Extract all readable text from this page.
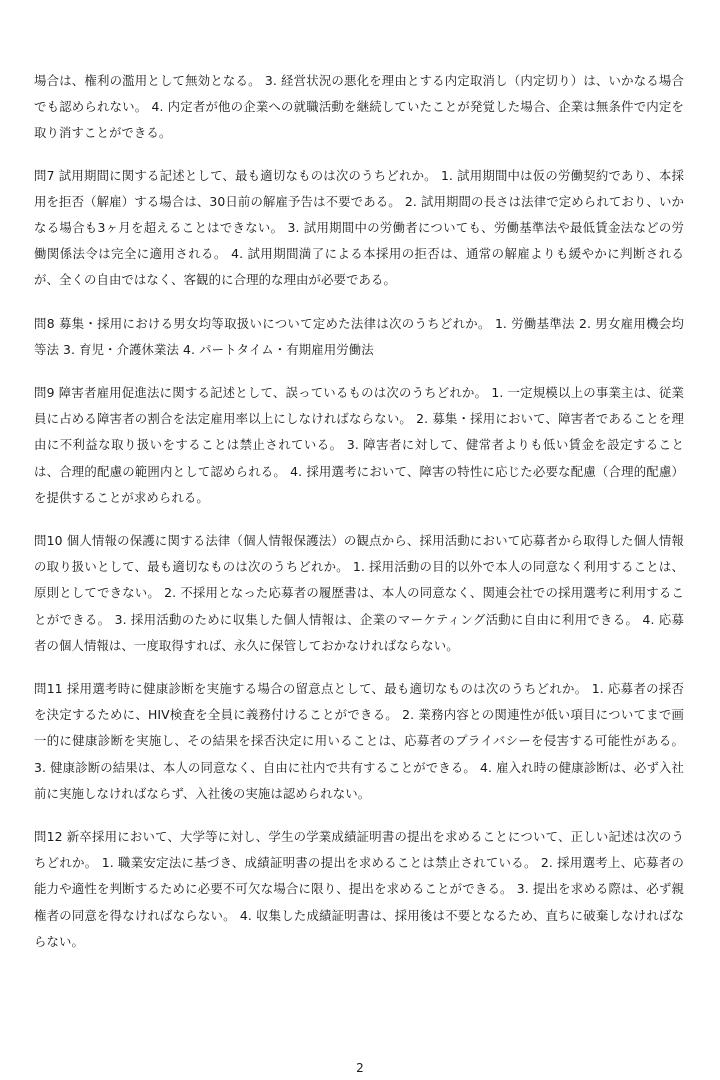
場合は、権利の濫用として無効となる。 3. 経営状況の悪化を理由とする内定取消し（内定切り）は、いかなる場合でも認められない。 4. 内定者が他の企業への就職活動を継続していたことが発覚した場合、企業は無条件で内定を取り消すことができる。

問7 試用期間に関する記述として、最も適切なものは次のうちどれか。 1. 試用期間中は仮の労働契約であり、本採用を拒否（解雇）する場合は、30日前の解雇予告は不要である。 2. 試用期間の長さは法律で定められており、いかなる場合も3ヶ月を超えることはできない。 3. 試用期間中の労働者についても、労働基準法や最低賃金法などの労働関係法令は完全に適用される。 4. 試用期間満了による本採用の拒否は、通常の解雇よりも緩やかに判断されるが、全くの自由ではなく、客観的に合理的な理由が必要である。

問8 募集・採用における男女均等取扱いについて定めた法律は次のうちどれか。 1. 労働基準法 2. 男女雇用機会均等法 3. 育児・介護休業法 4. パートタイム・有期雇用労働法

問9 障害者雇用促進法に関する記述として、誤っているものは次のうちどれか。 1. 一定規模以上の事業主は、従業員に占める障害者の割合を法定雇用率以上にしなければならない。 2. 募集・採用において、障害者であることを理由に不利益な取り扱いをすることは禁止されている。 3. 障害者に対して、健常者よりも低い賃金を設定することは、合理的配慮の範囲内として認められる。 4. 採用選考において、障害の特性に応じた必要な配慮（合理的配慮）を提供することが求められる。

問10 個人情報の保護に関する法律（個人情報保護法）の観点から、採用活動において応募者から取得した個人情報の取り扱いとして、最も適切なものは次のうちどれか。 1. 採用活動の目的以外で本人の同意なく利用することは、原則としてできない。 2. 不採用となった応募者の履歴書は、本人の同意なく、関連会社での採用選考に利用することができる。 3. 採用活動のために収集した個人情報は、企業のマーケティング活動に自由に利用できる。 4. 応募者の個人情報は、一度取得すれば、永久に保管しておかなければならない。

問11 採用選考時に健康診断を実施する場合の留意点として、最も適切なものは次のうちどれか。 1. 応募者の採否を決定するために、HIV検査を全員に義務付けることができる。 2. 業務内容との関連性が低い項目についてまで画一的に健康診断を実施し、その結果を採否決定に用いることは、応募者のプライバシーを侵害する可能性がある。 3. 健康診断の結果は、本人の同意なく、自由に社内で共有することができる。 4. 雇入れ時の健康診断は、必ず入社前に実施しなければならず、入社後の実施は認められない。

問12 新卒採用において、大学等に対し、学生の学業成績証明書の提出を求めることについて、正しい記述は次のうちどれか。 1. 職業安定法に基づき、成績証明書の提出を求めることは禁止されている。 2. 採用選考上、応募者の能力や適性を判断するために必要不可欠な場合に限り、提出を求めることができる。 3. 提出を求める際は、必ず親権者の同意を得なければならない。 4. 収集した成績証明書は、採用後は不要となるため、直ちに破棄しなければならない。

2
